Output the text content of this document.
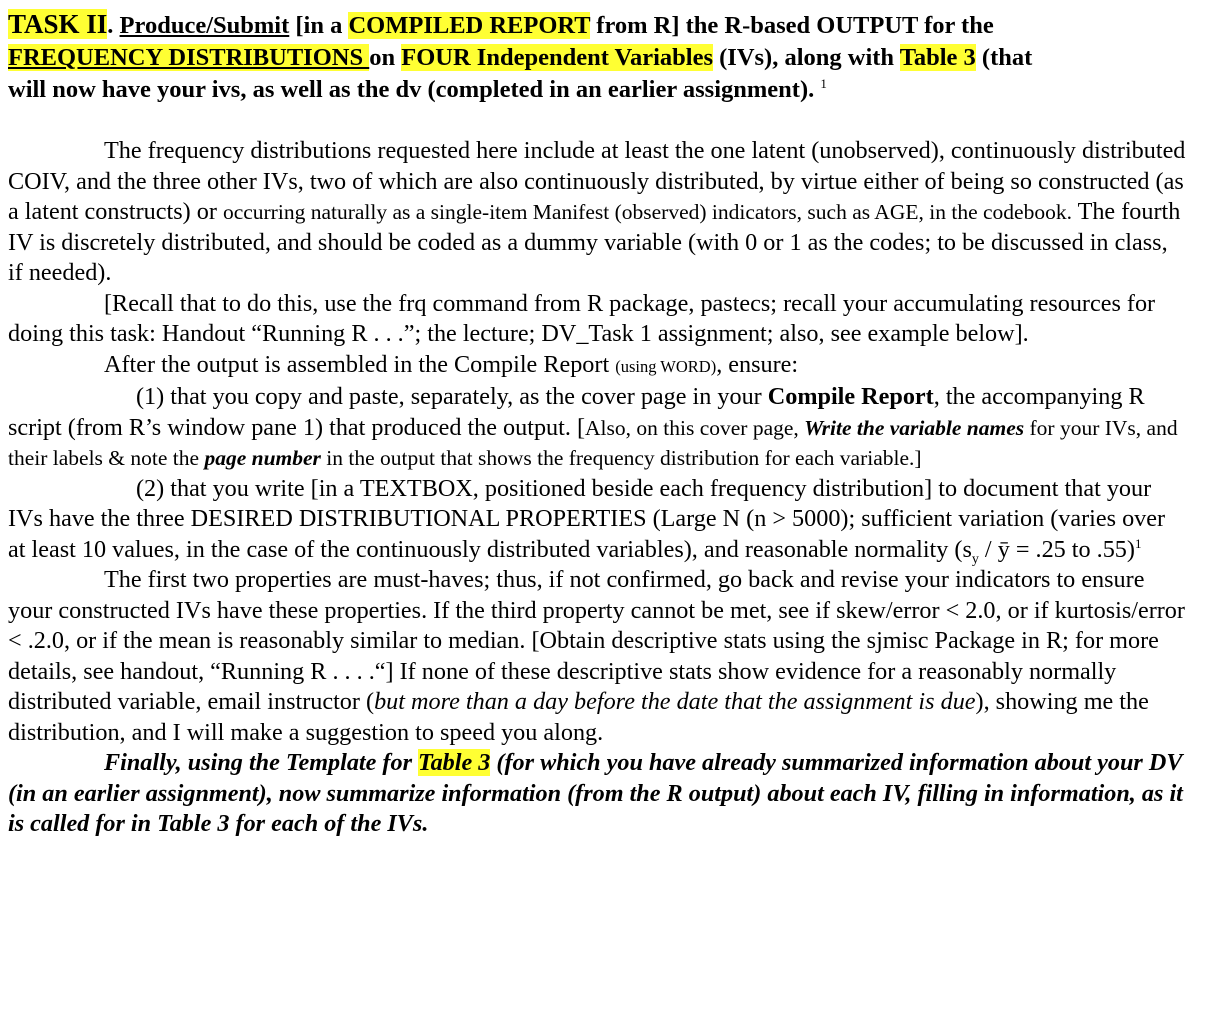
TASK II. Produce/Submit [in a COMPILED REPORT from R] the R-based OUTPUT for the
FREQUENCY DISTRIBUTIONS on FOUR Independent Variables (IVs), along with Table 3 (that
will now have your ivs, as well as the dv (completed in an earlier assignment). $^1$

The frequency distributions requested here include at least the one latent (unobserved), continuously distributed COIV, and the three other IVs, two of which are also continuously distributed, by virtue either of being so constructed (as a latent constructs) or occurring naturally as a single-item Manifest (observed) indicators, such as AGE, in the codebook. The fourth IV is discretely distributed, and should be coded as a dummy variable (with 0 or 1 as the codes; to be discussed in class, if needed).

[Recall that to do this, use the frq command from R package, pastecs; recall your accumulating resources for doing this task: Handout “Running R . . .”; the lecture; DV_Task 1 assignment; also, see example below].

After the output is assembled in the Compile Report (using WORD), ensure:

(1) that you copy and paste, separately, as the cover page in your Compile Report, the accompanying R script (from R’s window pane 1) that produced the output. [Also, on this cover page, Write the variable names for your IVs, and their labels & note the page number in the output that shows the frequency distribution for each variable.]

(2) that you write [in a TEXTBOX, positioned beside each frequency distribution] to document that your IVs have the three DESIRED DISTRIBUTIONAL PROPERTIES (Large N (n > 5000); sufficient variation (varies over at least 10 values, in the case of the continuously distributed variables), and reasonable normality ($s_y$ / ȳ = .25 to .55)$^1$

The first two properties are must-haves; thus, if not confirmed, go back and revise your indicators to ensure your constructed IVs have these properties. If the third property cannot be met, see if skew/error < 2.0, or if kurtosis/error < .2.0, or if the mean is reasonably similar to median. [Obtain descriptive stats using the sjmisc Package in R; for more details, see handout, “Running R . . . .“] If none of these descriptive stats show evidence for a reasonably normally distributed variable, email instructor (but more than a day before the date that the assignment is due), showing me the distribution, and I will make a suggestion to speed you along.

Finally, using the Template for Table 3 (for which you have already summarized information about your DV (in an earlier assignment), now summarize information (from the R output) about each IV, filling in information, as it is called for in Table 3 for each of the IVs.
